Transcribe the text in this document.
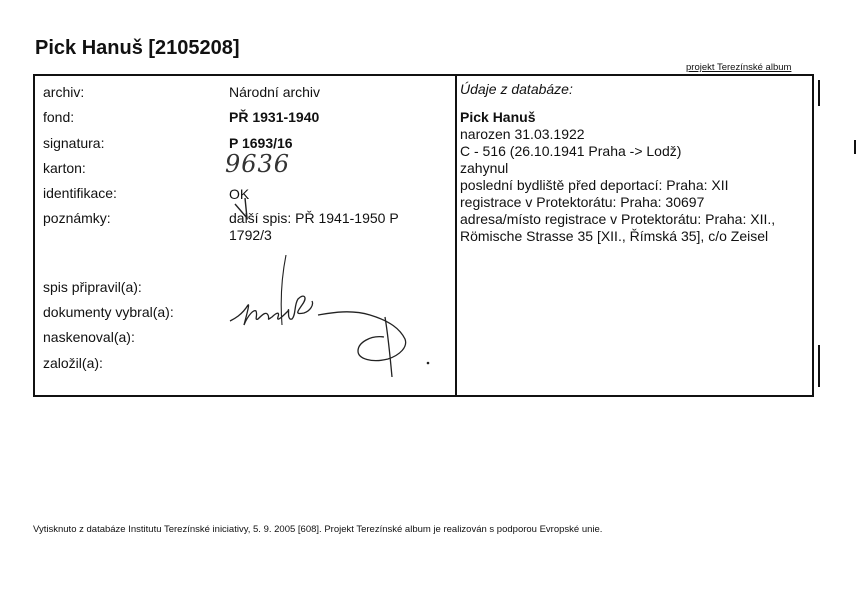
Pick Hanuš [2105208]
projekt Terezínské album
archiv:
fond:
signatura:
karton:
identifikace:
poznámky:
Národní archiv
PŘ 1931-1940
P 1693/16
další spis: PŘ 1941-1950 P 1792/3
9636
OK
spis připravil(a):
dokumenty vybral(a):
naskenoval(a):
založil(a):
Údaje z databáze:
Pick Hanuš
narozen 31.03.1922
C - 516 (26.10.1941 Praha -> Lodž)
zahynul
poslední bydliště před deportací: Praha: XII
registrace v Protektorátu: Praha: 30697
adresa/místo registrace v Protektorátu: Praha: XII., Römische Strasse 35 [XII., Římská 35], c/o Zeisel
Vytisknuto z databáze Institutu Terezínské iniciativy, 5. 9. 2005 [608]. Projekt Terezínské album je realizován s podporou Evropské unie.
